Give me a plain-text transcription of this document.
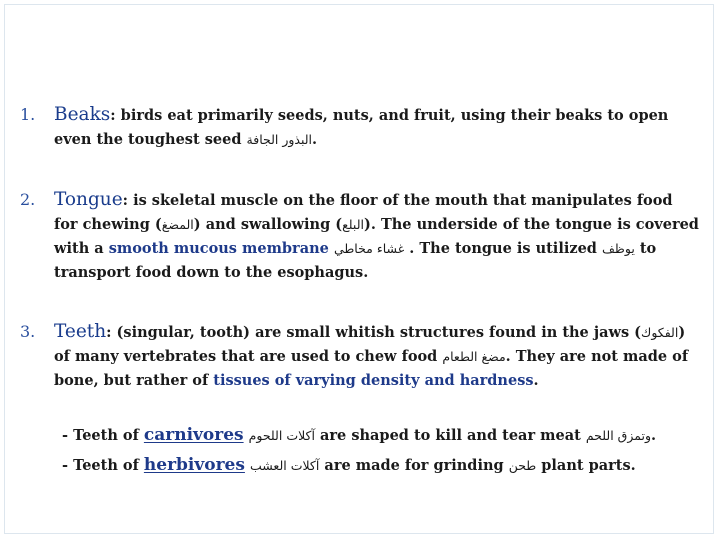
1. Beaks: birds eat primarily seeds, nuts, and fruit, using their beaks to open even the toughest seed البذور الجافة.
2. Tongue: is skeletal muscle on the floor of the mouth that manipulates food for chewing (المضغ) and swallowing (البلع). The underside of the tongue is covered with a smooth mucous membrane غشاء مخاطي . The tongue is utilized يوظف to transport food down to the esophagus.
3. Teeth: (singular, tooth) are small whitish structures found in the jaws (الفكوك) of many vertebrates that are used to chew food مضغ الطعام. They are not made of bone, but rather of tissues of varying density and hardness.
- Teeth of carnivores آكلات اللحوم are shaped to kill and tear meat وتمزق اللحم.
- Teeth of herbivores آكلات العشب are made for grinding طحن plant parts.
